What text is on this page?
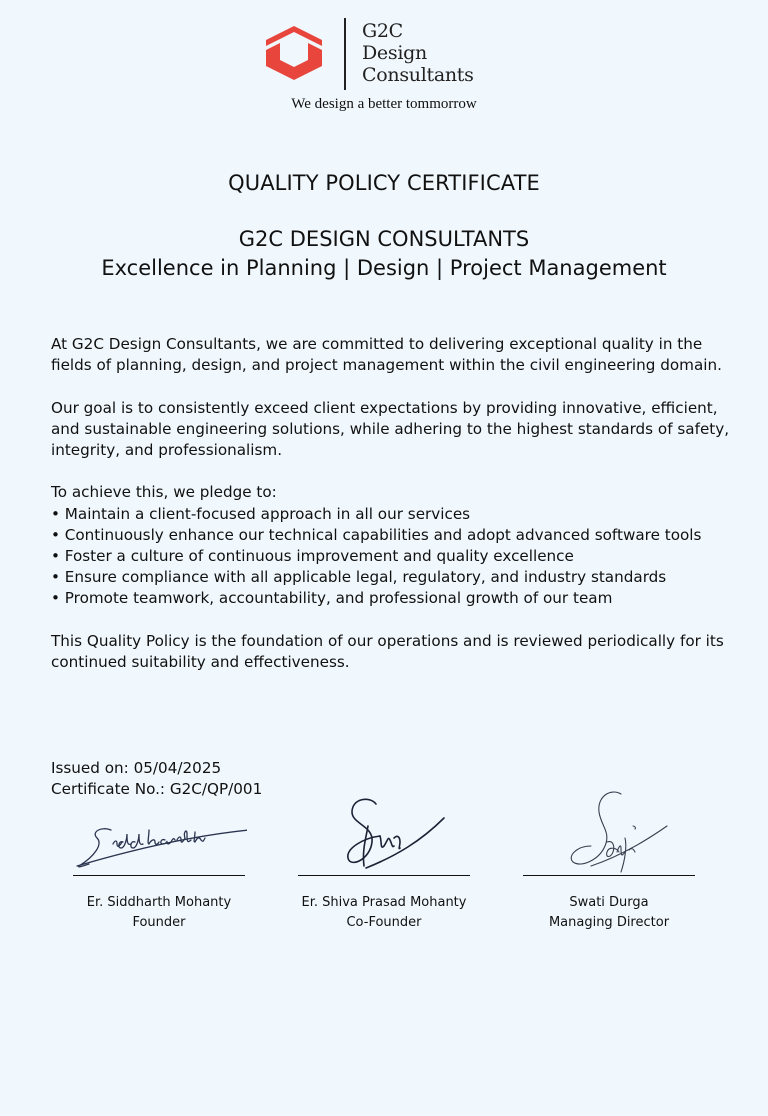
G2C
Design
Consultants
We design a better tommorrow
QUALITY POLICY CERTIFICATE
G2C DESIGN CONSULTANTS
Excellence in Planning | Design | Project Management

At G2C Design Consultants, we are committed to delivering exceptional quality in the fields of planning, design, and project management within the civil engineering domain.

Our goal is to consistently exceed client expectations by providing innovative, efficient, and sustainable engineering solutions, while adhering to the highest standards of safety, integrity, and professionalism.

To achieve this, we pledge to:
• Maintain a client-focused approach in all our services
• Continuously enhance our technical capabilities and adopt advanced software tools
• Foster a culture of continuous improvement and quality excellence
• Ensure compliance with all applicable legal, regulatory, and industry standards
• Promote teamwork, accountability, and professional growth of our team

This Quality Policy is the foundation of our operations and is reviewed periodically for its continued suitability and effectiveness.

Issued on: 05/04/2025
Certificate No.: G2C/QP/001
Er. Siddharth Mohanty
Founder
Er. Shiva Prasad Mohanty
Co-Founder
Swati Durga
Managing Director
